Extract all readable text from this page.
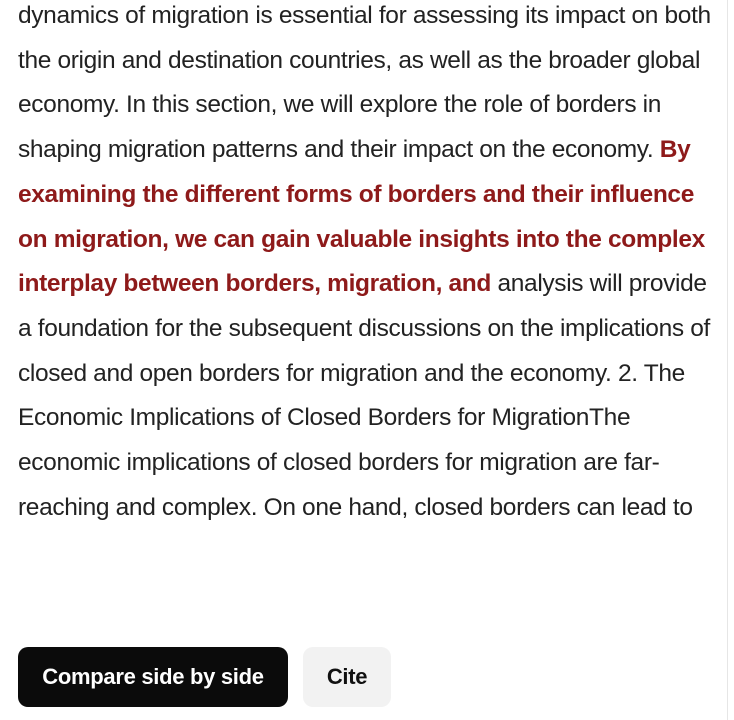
dynamics of migration is essential for assessing its impact on both the origin and destination countries, as well as the broader global economy. In this section, we will explore the role of borders in shaping migration patterns and their impact on the economy. By examining the different forms of borders and their influence on migration, we can gain valuable insights into the complex interplay between borders, migration, and analysis will provide a foundation for the subsequent discussions on the implications of closed and open borders for migration and the economy. 2. The Economic Implications of Closed Borders for MigrationThe economic implications of closed borders for migration are far-reaching and complex. On one hand, closed borders can lead to

Compare side by side	Cite
